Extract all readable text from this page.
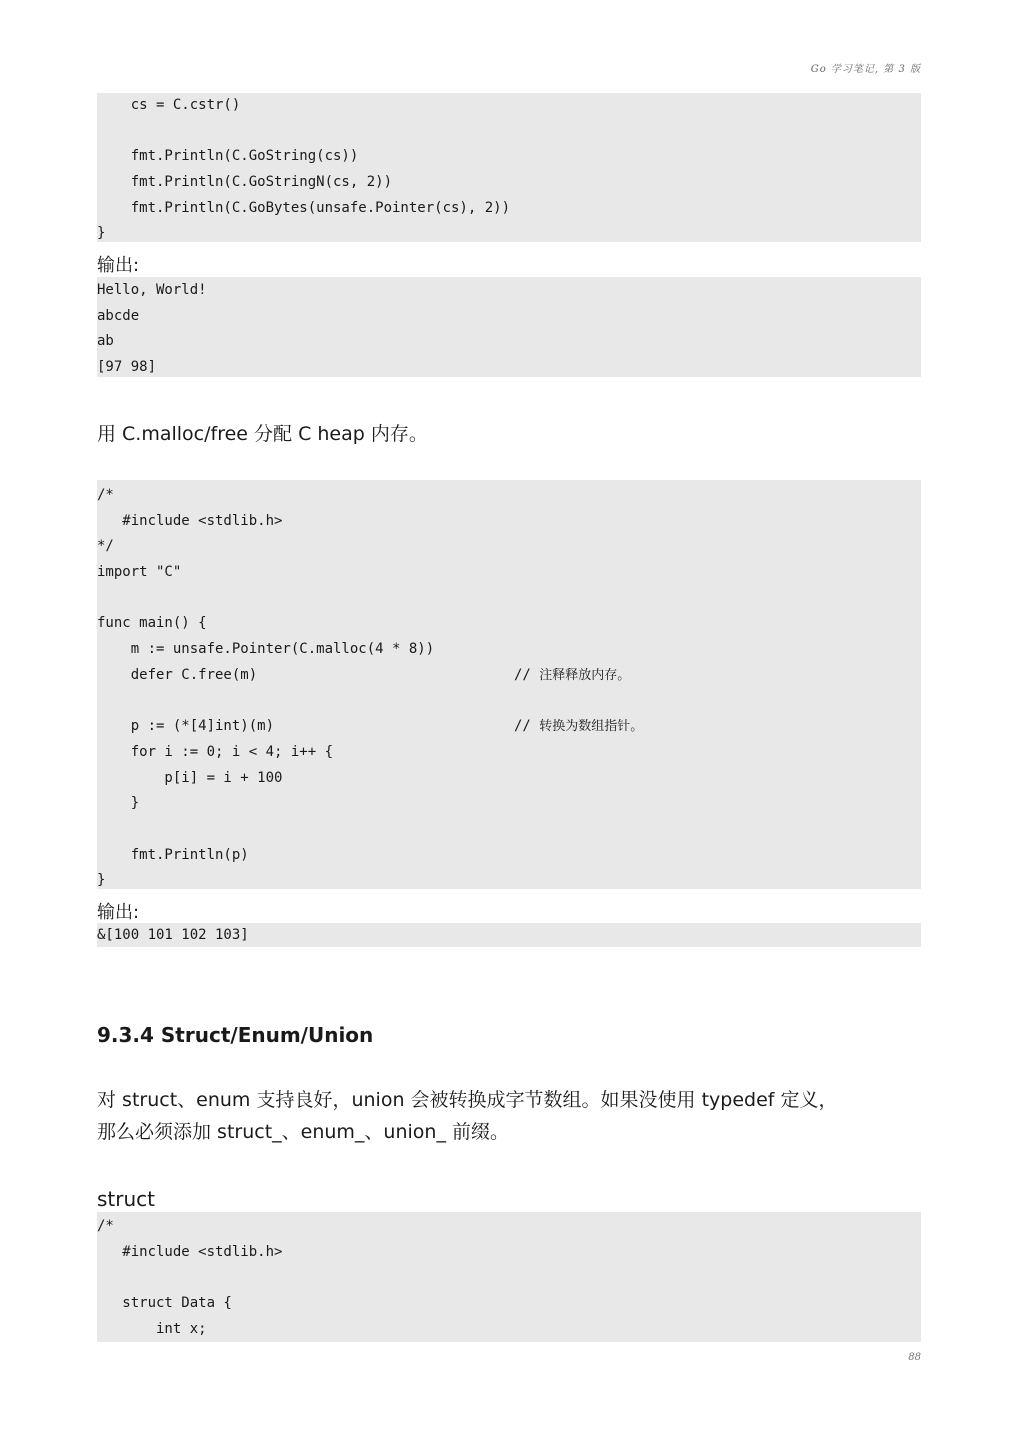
Go 学习笔记, 第 3 版
cs = C.cstr()
fmt.Println(C.GoString(cs))
fmt.Println(C.GoStringN(cs, 2))
fmt.Println(C.GoBytes(unsafe.Pointer(cs), 2))
}
输出:
Hello, World!
abcde
ab
[97 98]
用 C.malloc/free 分配 C heap 内存。
/*
#include <stdlib.h>
*/
import "C"
func main() {
m := unsafe.Pointer(C.malloc(4 * 8))
defer C.free(m)	// 注释释放内存。
p := (*[4]int)(m)	// 转换为数组指针。
for i := 0; i < 4; i++ {
p[i] = i + 100
}
fmt.Println(p)
}
输出:
&[100 101 102 103]
9.3.4 Struct/Enum/Union
对 struct、enum 支持良好，union 会被转换成字节数组。如果没使用 typedef 定义，
那么必须添加 struct_、enum_、union_ 前缀。
struct
/*
#include <stdlib.h>
struct Data {
int x;
88
